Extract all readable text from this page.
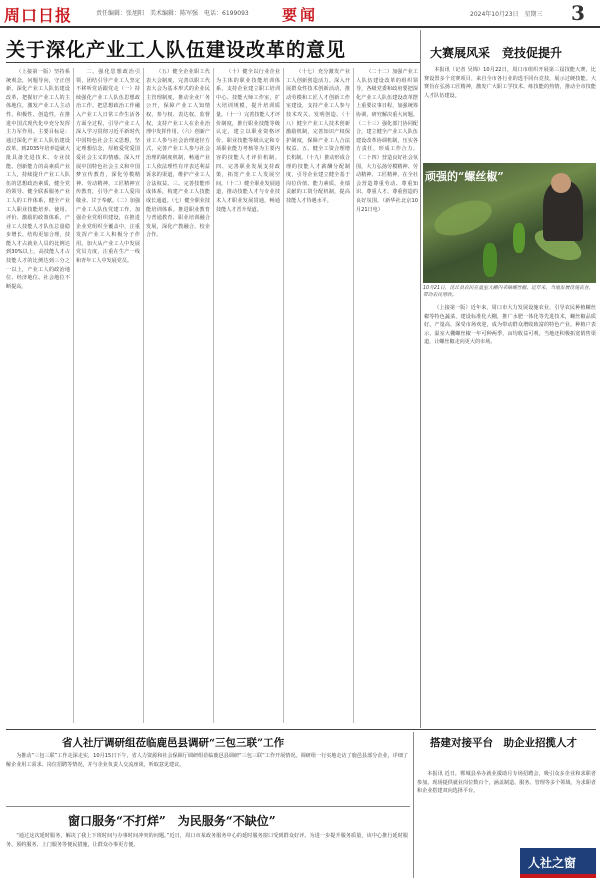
周口日报	责任编辑：张旭阳　美术编辑：陈军强　电话：6199093 要闻	2024年10月23日　星期三 3
关于深化产业工人队伍建设改革的意见

（上接第一版）坚持系统观念，问题导向，守正创新，深化产业工人队伍建设改革，把握好产业工人的主体地位，激发产业工人主动性、积极性、创造性，在推进中国式现代化中充分发挥主力军作用。主要目标是：通过深化产业工人队伍建设改革，到2035年培养造就大批具备先进技术、专业技能、创新能力的高素质产业工人，持续提升产业工人队伍的思想政治素质，健全党的领导、健全联系服务产业工人的工作体系，健全产业工人职业技能培养、使用、评价、激励的政策体系，产业工人技能人才队伍总量稳步增长、结构更加合理，技能人才占就业人员的比例达到30%以上，高技能人才占技能人才的比例达到三分之一以上，产业工人的政治地位、经济地位、社会地位不断提高。

二、强化思想政治引领，团结引导产业工人坚定不移听党话跟党走（一）持续强化产业工人队伍思想政治工作。把思想政治工作融入产业工人日常工作生活各方面全过程，引导产业工人深入学习贯彻习近平新时代中国特色社会主义思想，坚定理想信念，厚植爱党爱国爱社会主义的情感。深入开展中国特色社会主义和中国梦宣传教育，深化劳模精神、劳动精神、工匠精神宣传教育，引导产业工人爱岗敬业、甘于奉献。（二）加强产业工人队伍党建工作。加强企业党组织建设，在推进企业党组织全覆盖中，注重发挥产业工人积极分子作用。加大从产业工人中发展党员力度，注重在生产一线和青年工人中发展党员。

（五）健全企业职工代表大会制度，完善以职工代表大会为基本形式的企业民主管理制度，推动企业厂务公开，保障产业工人知情权、参与权、表达权、监督权。支持产业工人在企业治理中发挥作用。（六）创新产业工人参与社会治理途径方式，完善产业工人参与社会治理的制度机制，畅通产业工人依法理性有序表达利益诉求的渠道，维护产业工人合法权益。三、完善技能形成体系，构建产业工人技能成长通道。（七）健全职业技能培训体系。推进职业教育与普通教育、职业培训融合发展，深化产教融合、校企合作。

（十）健全以行业企业为主体的职业技能培训体系，支持企业建立职工培训中心、技能大师工作室，扩大培训规模，提升培训质量。（十一）完善技能人才评价制度，推行职业技能等级认定，建立以职业资格评价、职业技能等级认定和专项职业能力考核等为主要内容的技能人才评价机制。四、完善职业发展支持政策，拓宽产业工人发展空间。（十二）健全职业发展通道，推动技能人才与专业技术人才职业发展贯通，畅通技能人才晋升渠道。

（十七）充分激发产业工人创新创造活力。深入开展群众性技术创新活动，推动劳模和工匠人才创新工作室建设，支持产业工人参与技术攻关、发明创造。（十八）健全产业工人技术创新激励机制，完善知识产权保护制度，保障产业工人合法权益。五、健全工资合理增长机制。（十九）推动形成合理的技能人才薪酬分配制度，引导企业建立健全基于岗位价值、能力素质、业绩贡献的工资分配机制，提高技能人才待遇水平。

（二十二）加强产业工人队伍建设改革的组织领导，各级党委和政府要把深化产业工人队伍建设改革摆上重要议事日程，加强统筹协调，研究解决重大问题。（二十三）强化部门协同配合，建立健全产业工人队伍建设改革协调机制，压实各方责任，形成工作合力。（二十四）营造良好社会氛围，大力弘扬劳模精神、劳动精神、工匠精神，在全社会营造尊重劳动、尊重知识、尊重人才、尊重创造的良好氛围。（新华社北京10月21日电）

大赛展风采　竞技促提升

本报讯（记者 吴锦）10月22日，周口市组织开展第三届技能大赛，比赛设置多个竞赛项目，来自全市各行业的选手同台竞技，展示过硬技能。大赛旨在弘扬工匠精神，激发广大职工学技术、练技能的热情，推动全市技能人才队伍建设。

顽强的“螺丝椒”
10月21日，沈丘县农民在温室大棚内采摘螺丝椒。近年来，当地发展设施农业，带动农民增收。

（上接第一版）近年来，周口市大力发展设施农业，引导农民种植螺丝椒等特色蔬菜，建设标准化大棚，推广水肥一体化等先进技术，螺丝椒品质好、产量高，深受市场欢迎，成为带动群众增收致富的特色产业。种植户表示，温室大棚螺丝椒一年可种两季，亩均收益可观。当地还积极拓宽销售渠道，让螺丝椒走向更大的市场。

省人社厅调研组莅临鹿邑县调研“三包三联”工作

为推动“三包三联”工作走深走实，10月15日下午，省人力资源和社会保障厅调研组莅临鹿邑县调研“三包三联”工作开展情况。调研组一行实地走访了鹿邑县部分企业，详细了解企业用工需求、岗位招聘等情况，并与企业负责人交流座谈，听取意见建议。

窗口服务“不打烊”　为民服务“不缺位”

“通过这次延时服务，解决了我上下班时间与办事时间冲突的问题。”近日，周口市某政务服务中心的延时服务窗口受到群众好评。为进一步提升服务质量，该中心推行延时服务、预约服务、上门服务等便民措施，让群众办事更方便。

搭建对接平台　助企业招揽人才

本报讯 近日，郸城县举办就业援助月专场招聘会，吸引众多企业和求职者参加。现场提供就业岗位数百个，涵盖制造、服务、管理等多个领域，为求职者和企业搭建双向选择平台。

人社之窗
